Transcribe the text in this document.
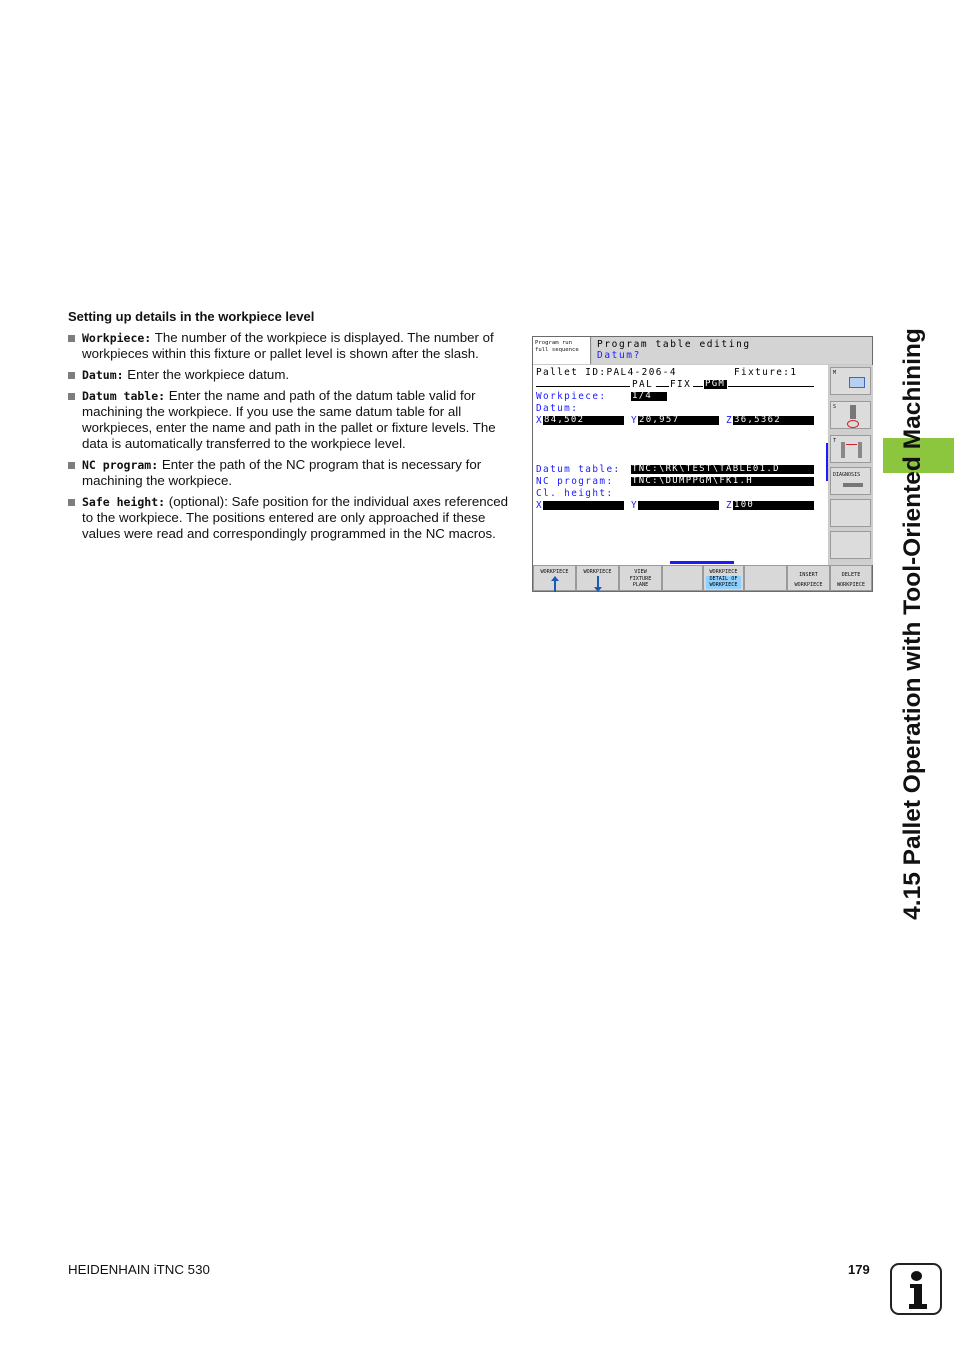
4.15 Pallet Operation with Tool-Oriented Machining
Setting up details in the workpiece level
Workpiece: The number of the workpiece is displayed. The number of workpieces within this fixture or pallet level is shown after the slash.
Datum: Enter the workpiece datum.
Datum table: Enter the name and path of the datum table valid for machining the workpiece. If you use the same datum table for all workpieces, enter the name and path in the pallet or fixture levels. The data is automatically transferred to the workpiece level.
NC program: Enter the path of the NC program that is necessary for machining the workpiece.
Safe height: (optional): Safe position for the individual axes referenced to the workpiece. The positions entered are only approached if these values were read and correspondingly programmed in the NC macros.
Program run
full sequence	Program table editing
Datum?
Pallet ID:PAL4-206-4	Fixture:1
PAL FIX PGM
Workpiece:	1/4
Datum:
X 84,502	Y 20,957	Z 36,5362
Datum table: TNC:\RK\TEST\TABLE01.D
NC program: TNC:\DUMPPGM\FK1.H
Cl. height:
X	Y	Z 100
M
S
T
DIAGNOSIS
WORKPIECE	WORKPIECE	VIEW
FIXTURE
PLANE
WORKPIECE
DETAIL OF
WORKPIECE
INSERT
WORKPIECE
DELETE
WORKPIECE
HEIDENHAIN iTNC 530	179
